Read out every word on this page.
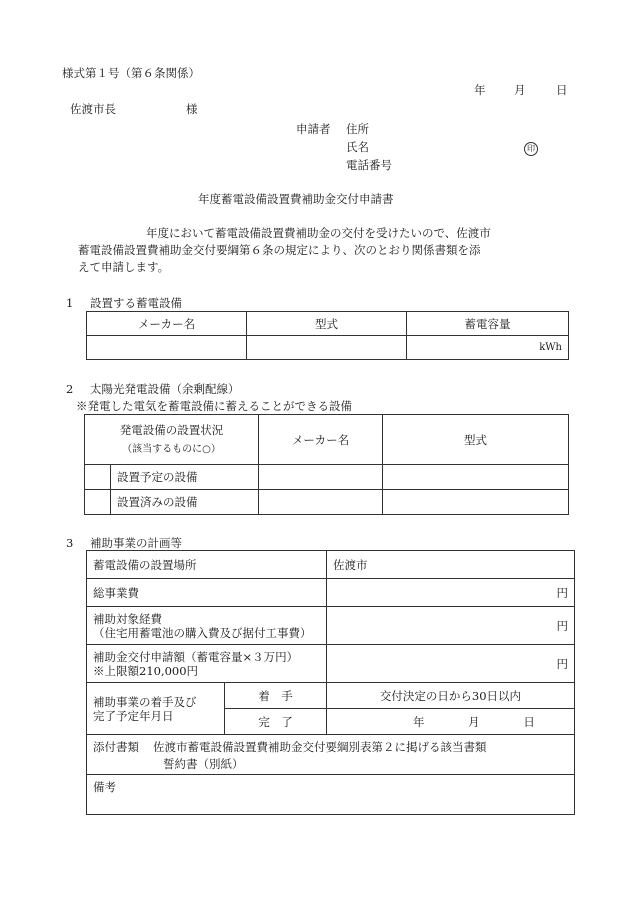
様式第１号（第６条関係）
年 月	日
佐渡市長	様
申請者 住所
氏名	印
電話番号
年度蓄電設備設置費補助金交付申請書
年度において蓄電設備設置費補助金の交付を受けたいので、佐渡市
蓄電設備設置費補助金交付要綱第６条の規定により、次のとおり関係書類を添
えて申請します。
1 設置する蓄電設備
メーカー名	型式	蓄電容量
		kWh
2 太陽光発電設備（余剰配線）
※発電した電気を蓄電設備に蓄えることができる設備
発電設備の設置状況
（該当するものに○）		メーカー名	型式
	設置予定の設備		
	設置済みの設備		
3 補助事業の計画等
蓄電設備の設置場所		佐渡市
総事業費		円

補助対象経費
（住宅用蓄電池の購入費及び据付工事費）		円

補助金交付申請額（蓄電容量×３万円）
※上限額210,000円		円

補助事業の着手及び
完了予定年月日	着　手	交付決定の日から30日以内
	完　了	年 月 日

添付書類 佐渡市蓄電設備設置費補助金交付要綱別表第２に掲げる該当書類
誓約書（別紙）		

備考		
